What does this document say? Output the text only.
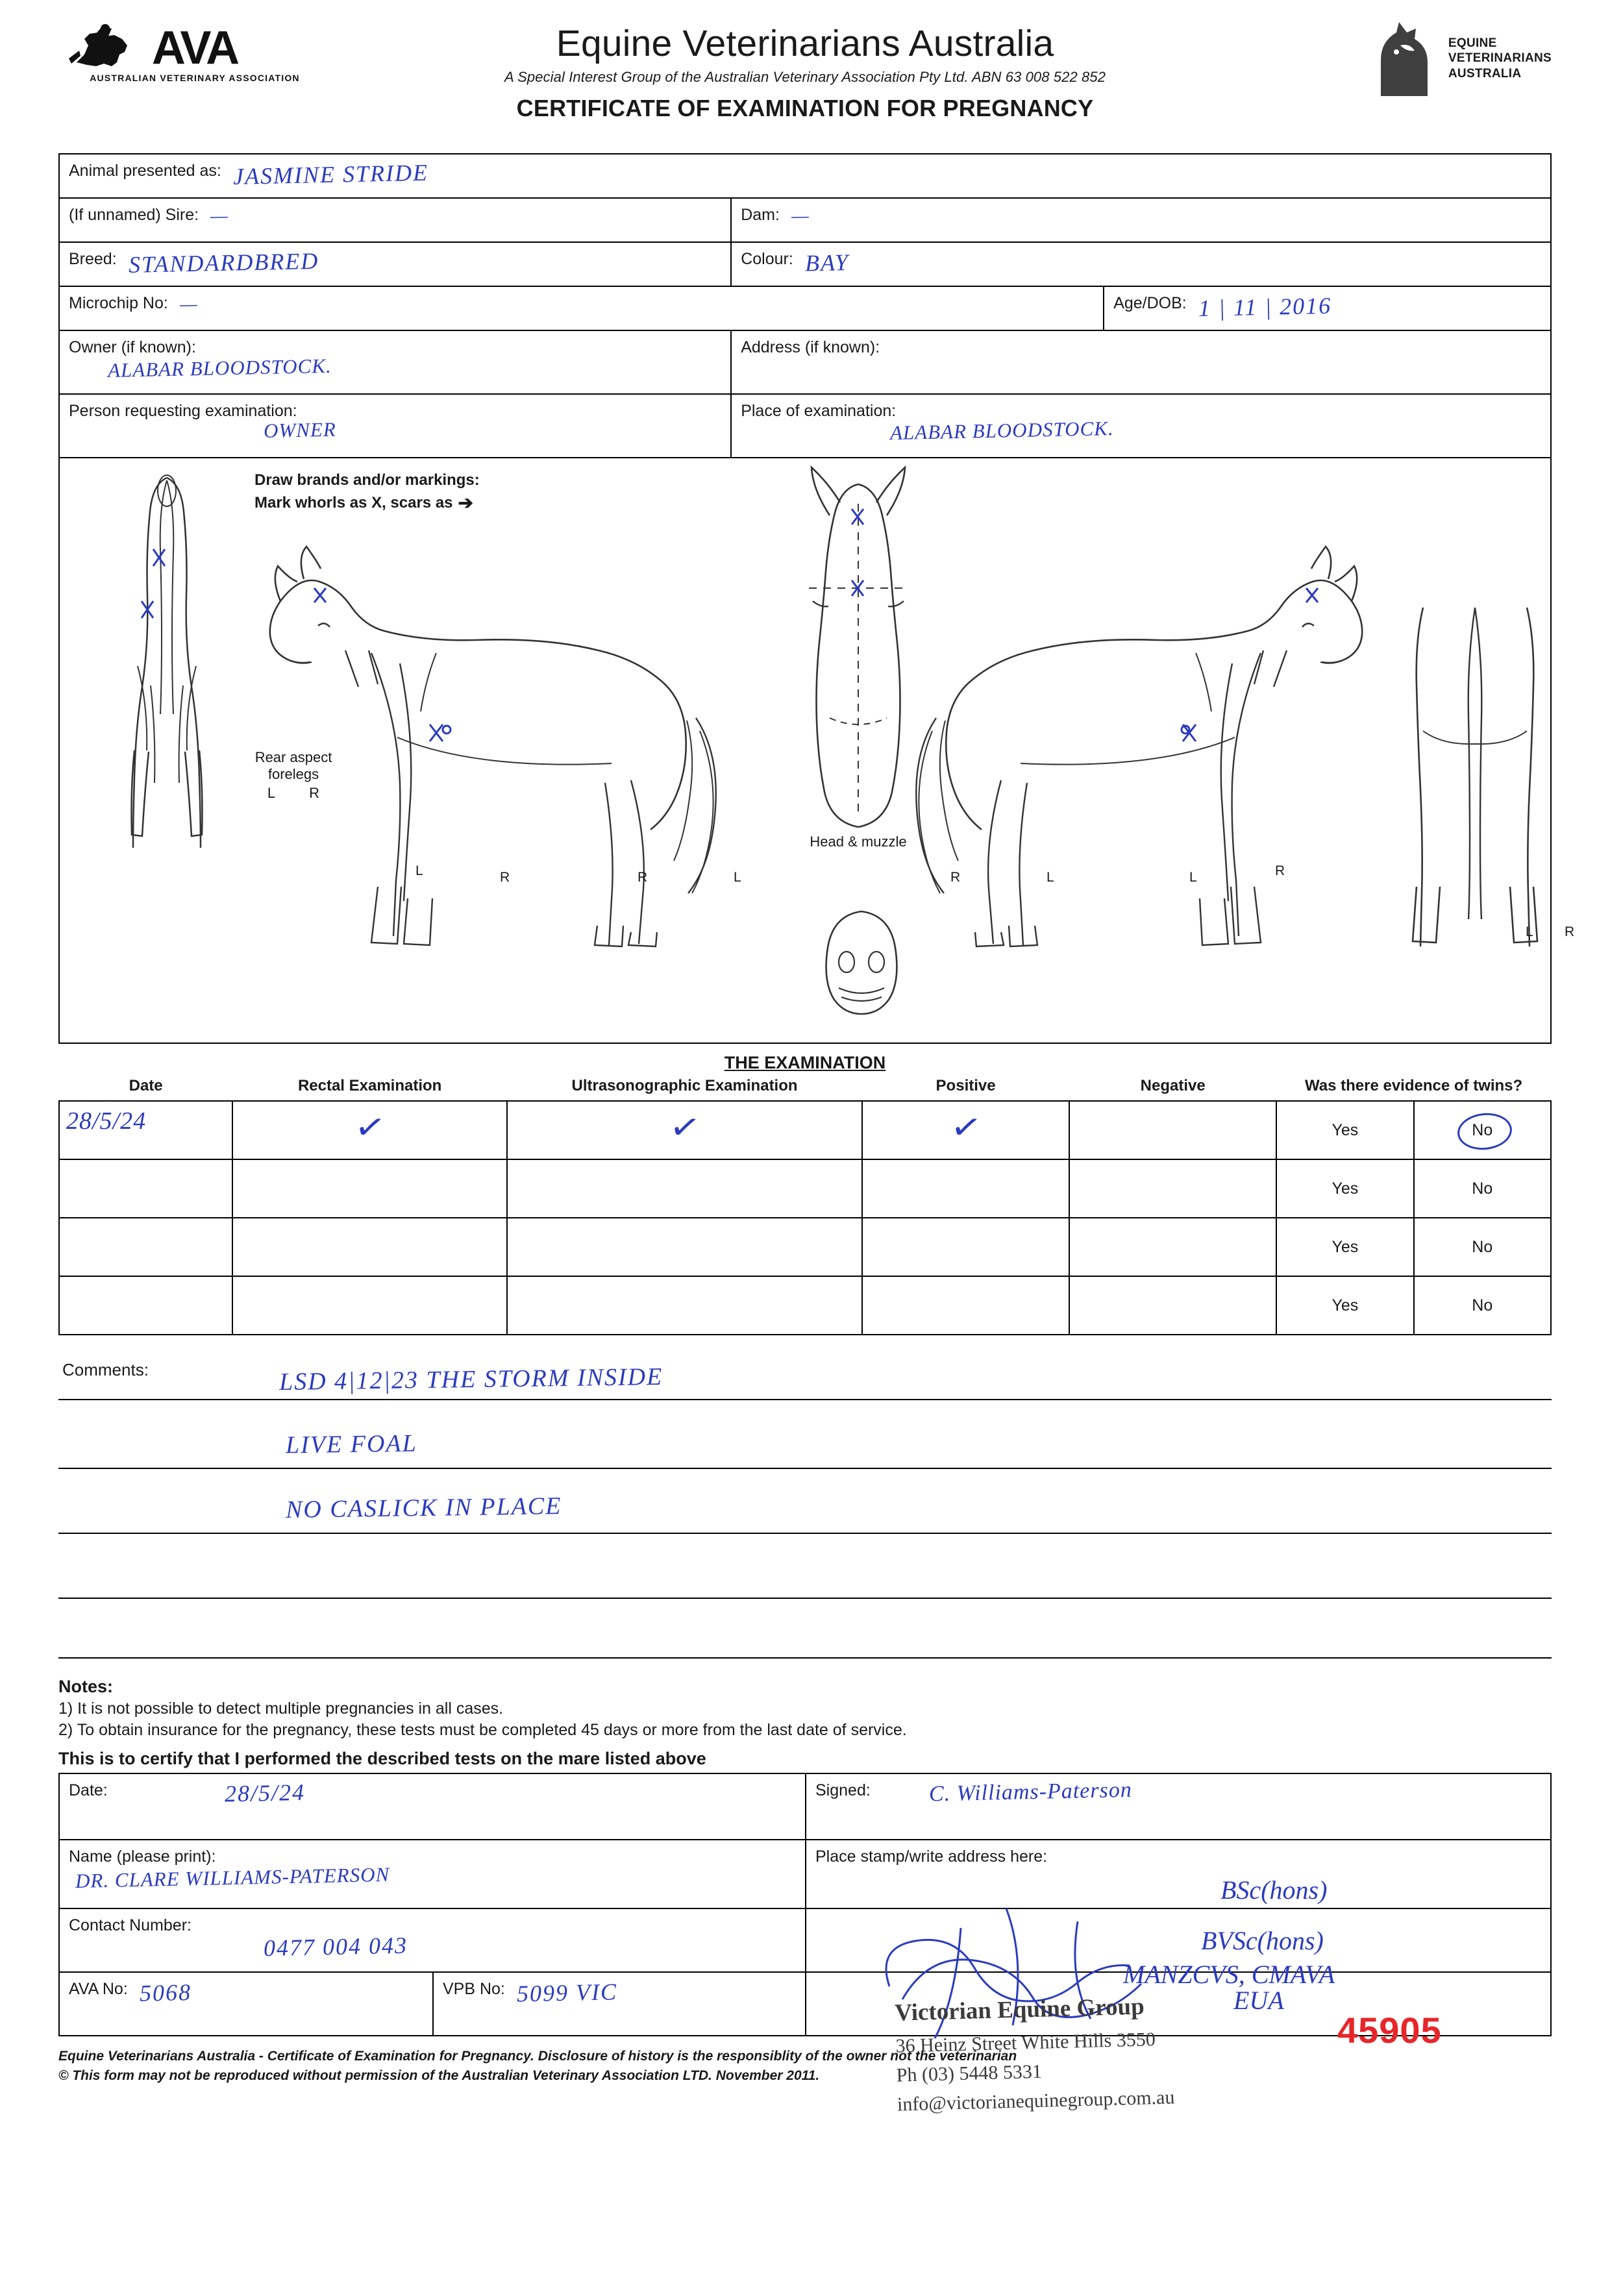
AVA
AUSTRALIAN VETERINARY ASSOCIATION
Equine Veterinarians Australia
A Special Interest Group of the Australian Veterinary Association Pty Ltd. ABN 63 008 522 852
CERTIFICATE OF EXAMINATION FOR PREGNANCY
EQUINE
VETERINARIANS
AUSTRALIA
Animal presented as: JASMINE STRIDE
(If unnamed) Sire: —	Dam: —
Breed: STANDARDBRED	Colour: BAY
Microchip No: —	Age/DOB: 1 | 11 | 2016
Owner (if known):
ALABAR BLOODSTOCK.
Address (if known):
Person requesting examination:
OWNER
Place of examination:
ALABAR BLOODSTOCK.
Draw brands and/or markings:
Mark whorls as X, scars as ➔
Rear aspect
forelegs
L R
Head & muzzle
L	R	R	L	R	L	L	R
L R
THE EXAMINATION
Date	Rectal Examination	Ultrasonographic Examination	Positive	Negative	Was there evidence of twins?	

28/5/24	✓	✓	✓		Yes	No

					Yes	No

					Yes	No

					Yes	No
Comments:	LSD 4|12|23 THE STORM INSIDE
LIVE FOAL
NO CASLICK IN PLACE
Notes:

1) It is not possible to detect multiple pregnancies in all cases.

2) To obtain insurance for the pregnancy, these tests must be completed 45 days or more from the last date of service.

This is to certify that I performed the described tests on the mare listed above
Date:	28/5/24	Signed:	C. Williams-Paterson
Name (please print):
DR. CLARE WILLIAMS-PATERSON
Place stamp/write address here:
Contact Number:
0477 004 043
AVA No: 5068	VPB No: 5099 VIC
BSc(hons)
BVSc(hons)
MANZCVS, CMAVA
EUA
45905
Victorian Equine Group
36 Heinz Street White Hills 3550
Ph (03) 5448 5331
info@victorianequinegroup.com.au
Equine Veterinarians Australia - Certificate of Examination for Pregnancy. Disclosure of history is the responsiblity of the owner not the veterinarian
© This form may not be reproduced without permission of the Australian Veterinary Association LTD. November 2011.
